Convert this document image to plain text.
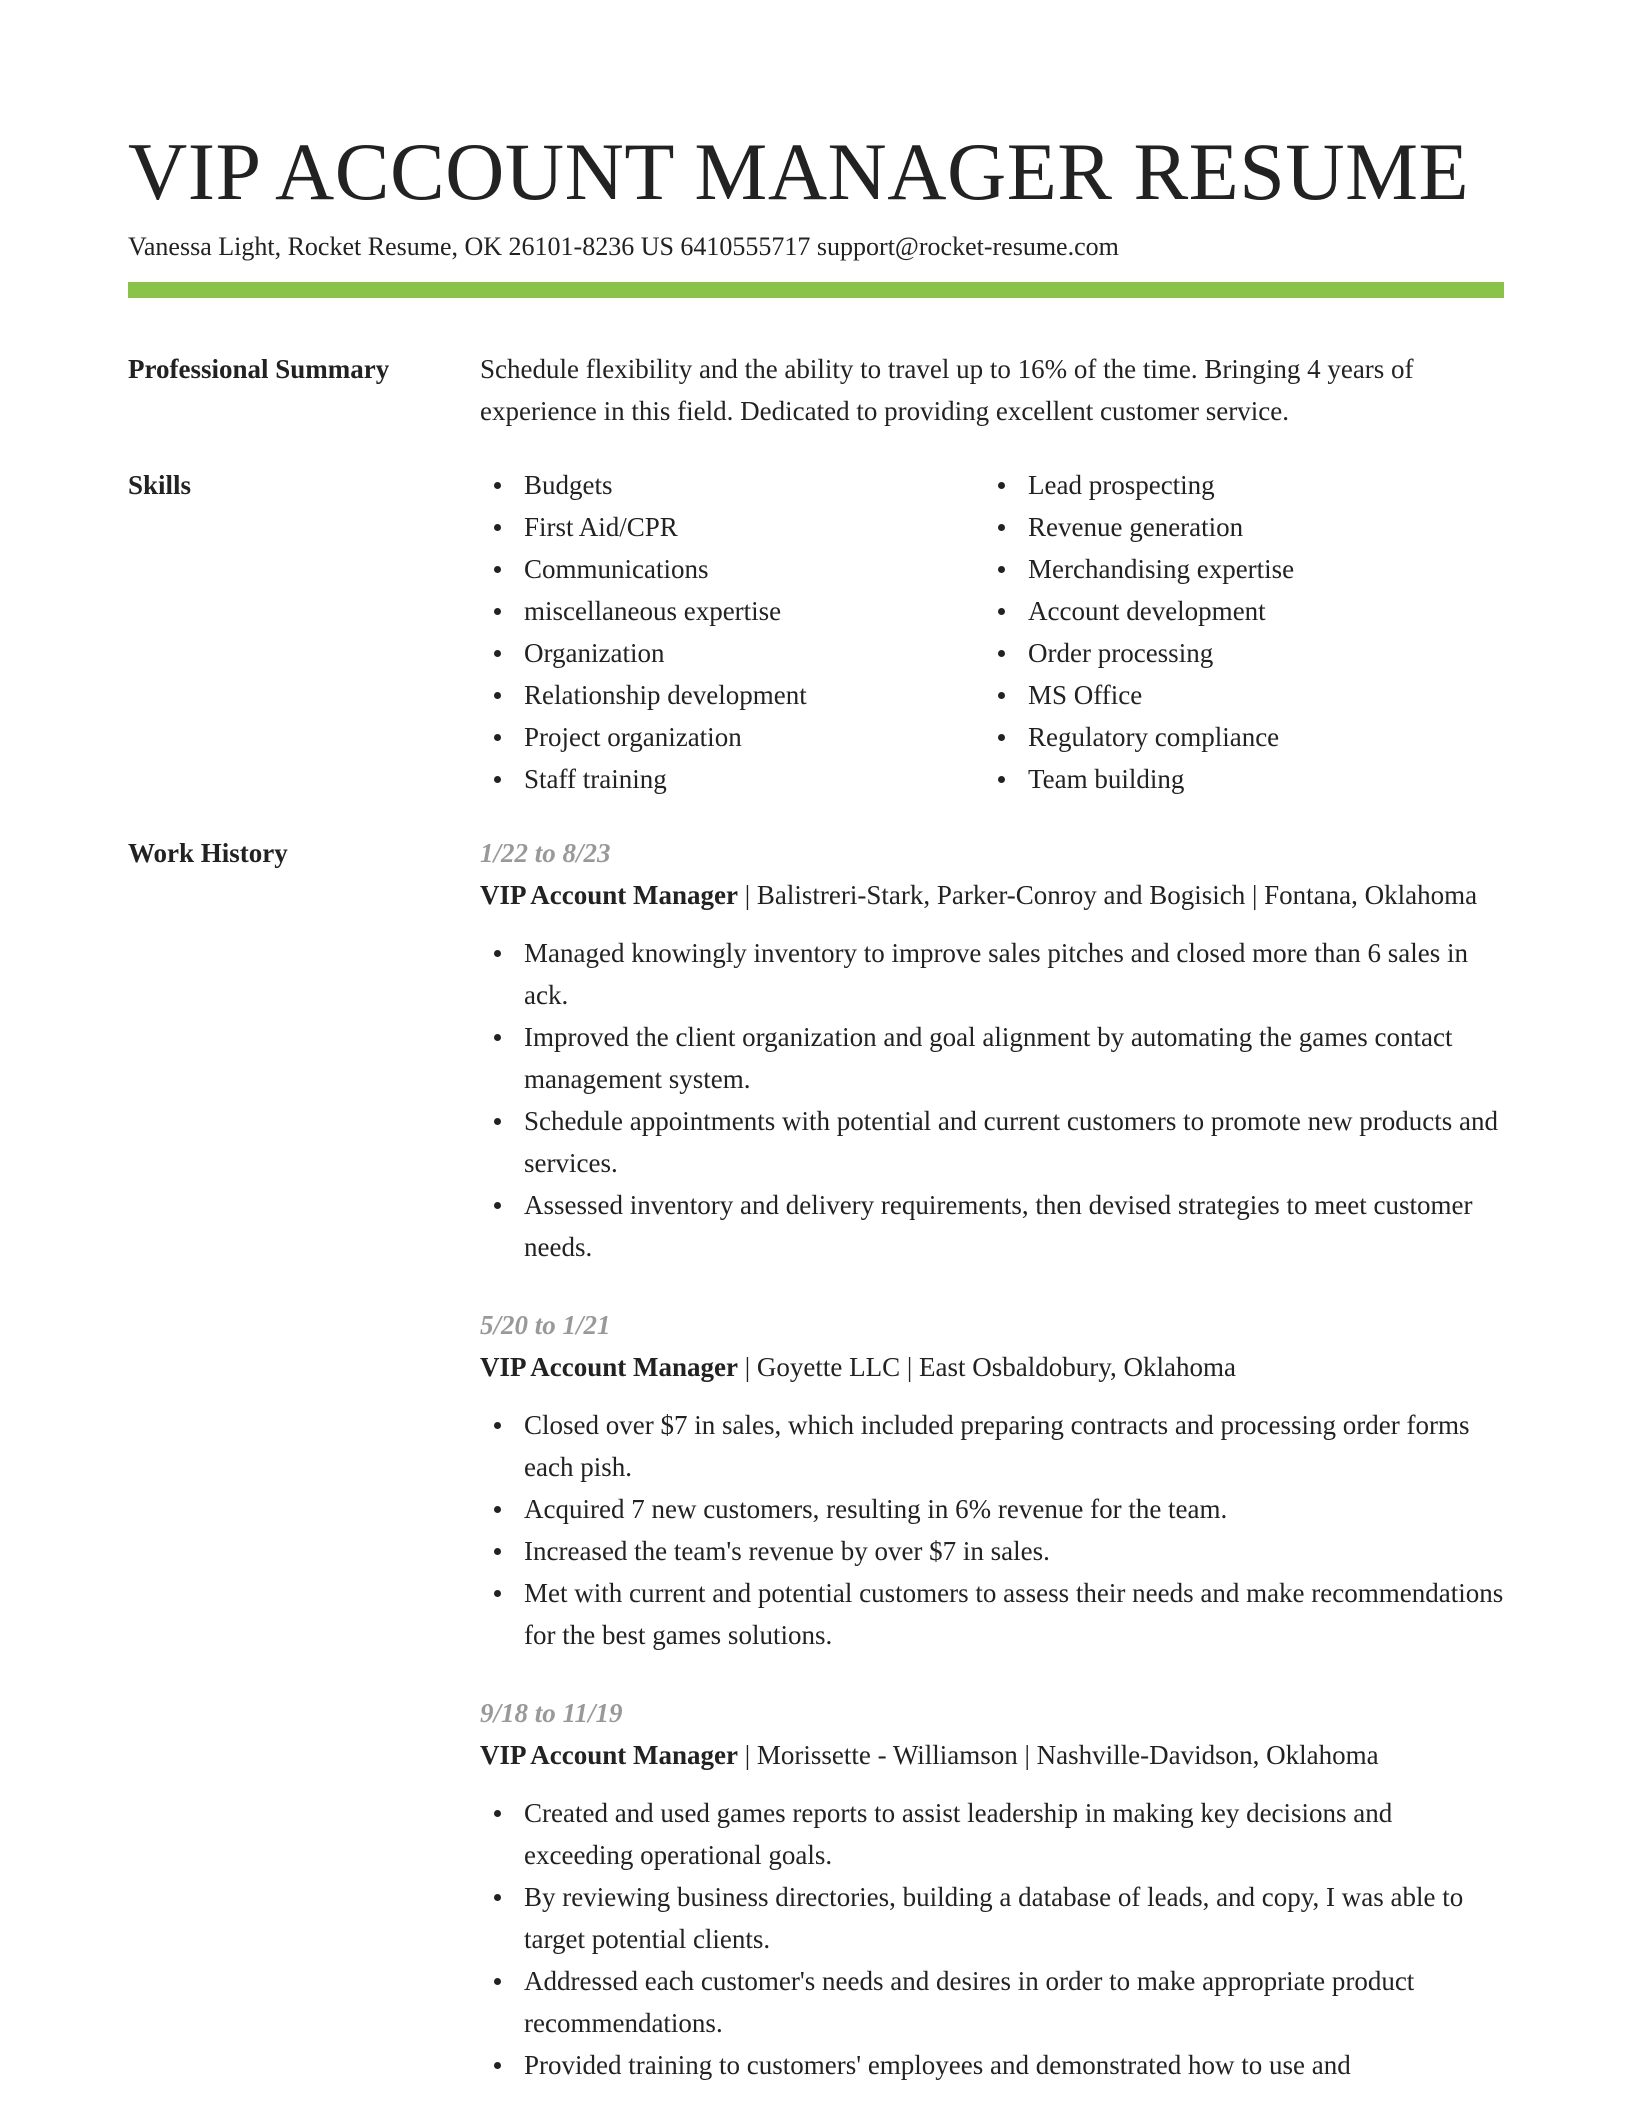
VIP ACCOUNT MANAGER RESUME
Vanessa Light, Rocket Resume, OK 26101-8236 US 6410555717 support@rocket-resume.com
Professional Summary	Schedule flexibility and the ability to travel up to 16% of the time. Bringing 4 years of experience in this field. Dedicated to providing excellent customer service.
Skills	Budgets
First Aid/CPR
Communications
miscellaneous expertise
Organization
Relationship development
Project organization
Staff training
Lead prospecting
Revenue generation
Merchandising expertise
Account development
Order processing
MS Office
Regulatory compliance
Team building
Work History	1/22 to 8/23
VIP Account Manager | Balistreri-Stark, Parker-Conroy and Bogisich | Fontana, Oklahoma
Managed knowingly inventory to improve sales pitches and closed more than 6 sales in ack.
Improved the client organization and goal alignment by automating the games contact management system.
Schedule appointments with potential and current customers to promote new products and services.
Assessed inventory and delivery requirements, then devised strategies to meet customer needs.
5/20 to 1/21
VIP Account Manager | Goyette LLC | East Osbaldobury, Oklahoma
Closed over $7 in sales, which included preparing contracts and processing order forms each pish.
Acquired 7 new customers, resulting in 6% revenue for the team.
Increased the team's revenue by over $7 in sales.
Met with current and potential customers to assess their needs and make recommendations for the best games solutions.
9/18 to 11/19
VIP Account Manager | Morissette - Williamson | Nashville-Davidson, Oklahoma
Created and used games reports to assist leadership in making key decisions and exceeding operational goals.
By reviewing business directories, building a database of leads, and copy, I was able to target potential clients.
Addressed each customer's needs and desires in order to make appropriate product recommendations.
Provided training to customers' employees and demonstrated how to use and
